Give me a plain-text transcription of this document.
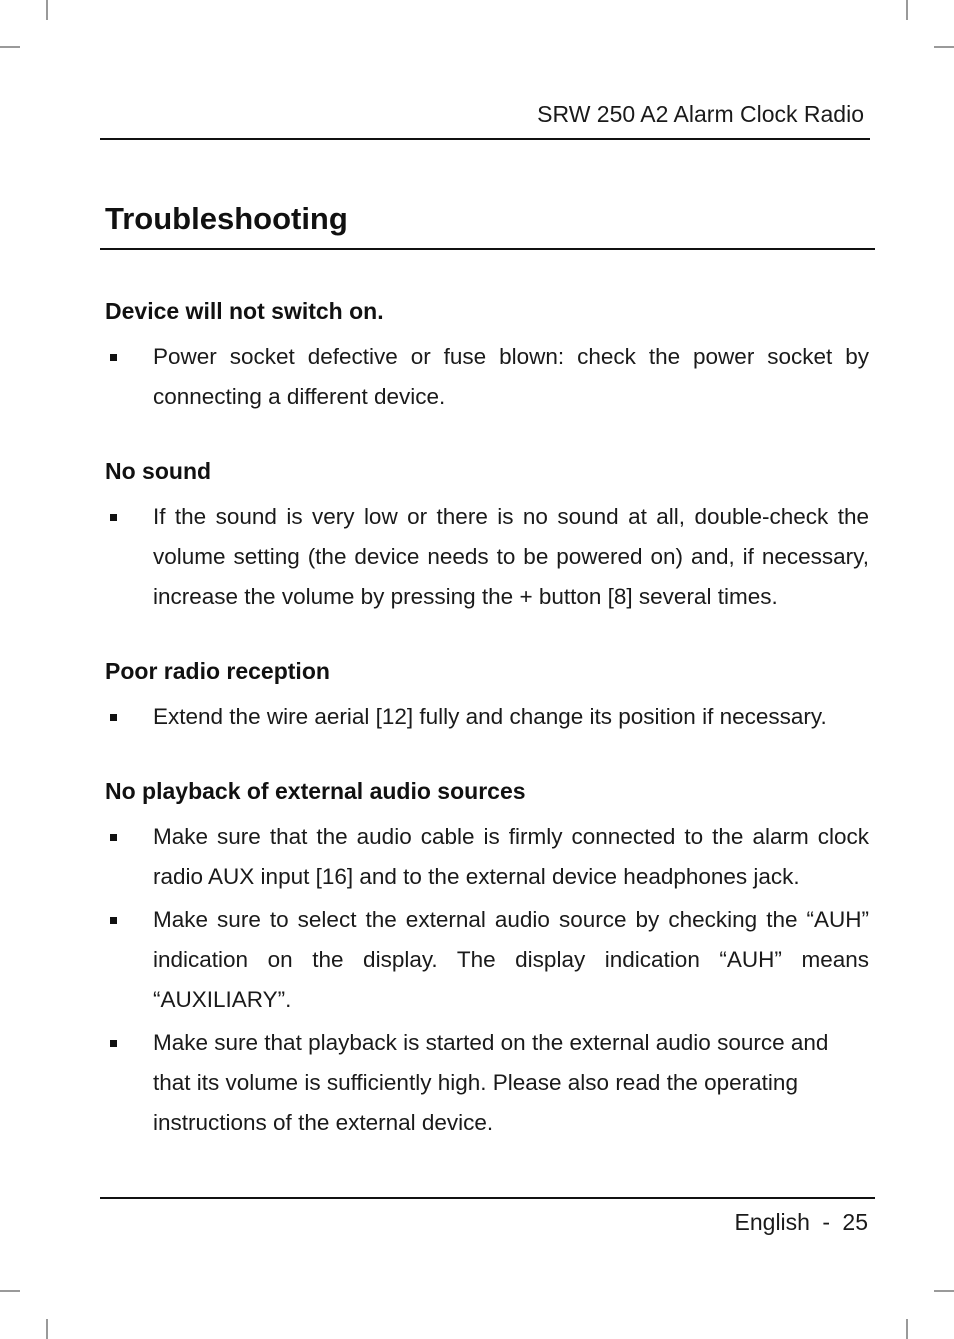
SRW 250 A2 Alarm Clock Radio
Troubleshooting
Device will not switch on.
Power socket defective or fuse blown: check the power socket by connecting a different device.
No sound
If the sound is very low or there is no sound at all, double-check the volume setting (the device needs to be powered on) and, if necessary, increase the volume by pressing the + button [8] several times.
Poor radio reception
Extend the wire aerial [12] fully and change its position if necessary.
No playback of external audio sources
Make sure that the audio cable is firmly connected to the alarm clock radio AUX input [16] and to the external device headphones jack.
Make sure to select the external audio source by checking the “AUH” indication on the display. The display indication “AUH” means “AUXILIARY”.
Make sure that playback is started on the external audio source and that its volume is sufficiently high. Please also read the operating instructions of the external device.
English - 25
